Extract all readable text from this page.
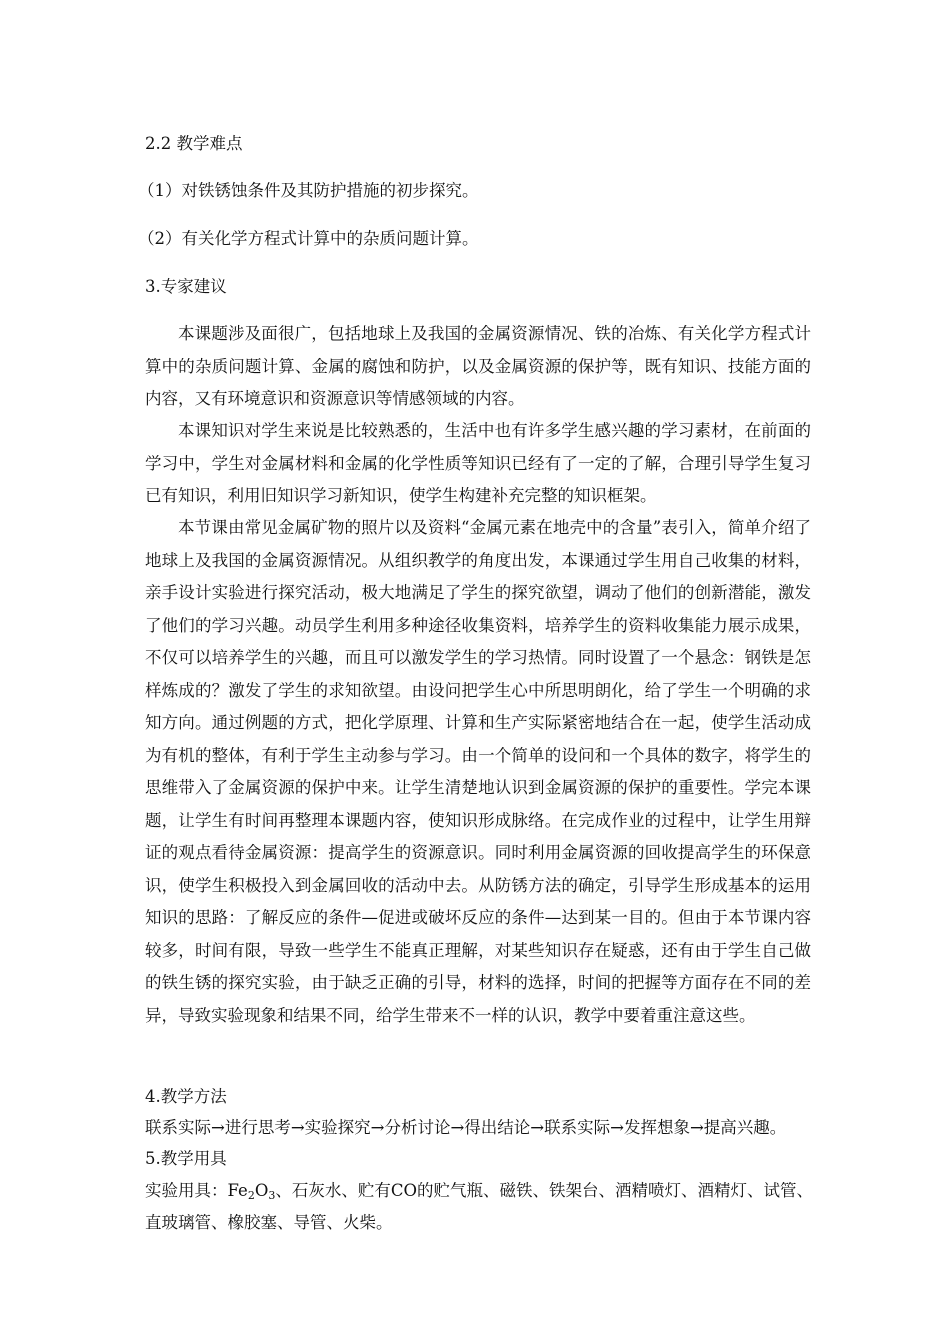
2.2 教学难点
（1）对铁锈蚀条件及其防护措施的初步探究。
（2）有关化学方程式计算中的杂质问题计算。
3.专家建议
本课题涉及面很广，包括地球上及我国的金属资源情况、铁的冶炼、有关化学方程式计算中的杂质问题计算、金属的腐蚀和防护，以及金属资源的保护等，既有知识、技能方面的内容，又有环境意识和资源意识等情感领域的内容。
本课知识对学生来说是比较熟悉的，生活中也有许多学生感兴趣的学习素材，在前面的学习中，学生对金属材料和金属的化学性质等知识已经有了一定的了解，合理引导学生复习已有知识，利用旧知识学习新知识，使学生构建补充完整的知识框架。
本节课由常见金属矿物的照片以及资料“金属元素在地壳中的含量”表引入，简单介绍了地球上及我国的金属资源情况。从组织教学的角度出发，本课通过学生用自己收集的材料，亲手设计实验进行探究活动，极大地满足了学生的探究欲望，调动了他们的创新潜能，激发了他们的学习兴趣。动员学生利用多种途径收集资料，培养学生的资料收集能力展示成果，不仅可以培养学生的兴趣，而且可以激发学生的学习热情。同时设置了一个悬念：钢铁是怎样炼成的？激发了学生的求知欲望。由设问把学生心中所思明朗化，给了学生一个明确的求知方向。通过例题的方式，把化学原理、计算和生产实际紧密地结合在一起，使学生活动成为有机的整体，有利于学生主动参与学习。由一个简单的设问和一个具体的数字，将学生的思维带入了金属资源的保护中来。让学生清楚地认识到金属资源的保护的重要性。学完本课题，让学生有时间再整理本课题内容，使知识形成脉络。在完成作业的过程中，让学生用辩证的观点看待金属资源：提高学生的资源意识。同时利用金属资源的回收提高学生的环保意识，使学生积极投入到金属回收的活动中去。从防锈方法的确定，引导学生形成基本的运用知识的思路：了解反应的条件—促进或破坏反应的条件—达到某一目的。但由于本节课内容较多，时间有限，导致一些学生不能真正理解，对某些知识存在疑惑，还有由于学生自己做的铁生锈的探究实验，由于缺乏正确的引导，材料的选择，时间的把握等方面存在不同的差异，导致实验现象和结果不同，给学生带来不一样的认识，教学中要着重注意这些。
4.教学方法
联系实际→进行思考→实验探究→分析讨论→得出结论→联系实际→发挥想象→提高兴趣。
5.教学用具
实验用具：$Fe_2O_3$、石灰水、贮有CO的贮气瓶、磁铁、铁架台、酒精喷灯、酒精灯、试管、
直玻璃管、橡胶塞、导管、火柴。
